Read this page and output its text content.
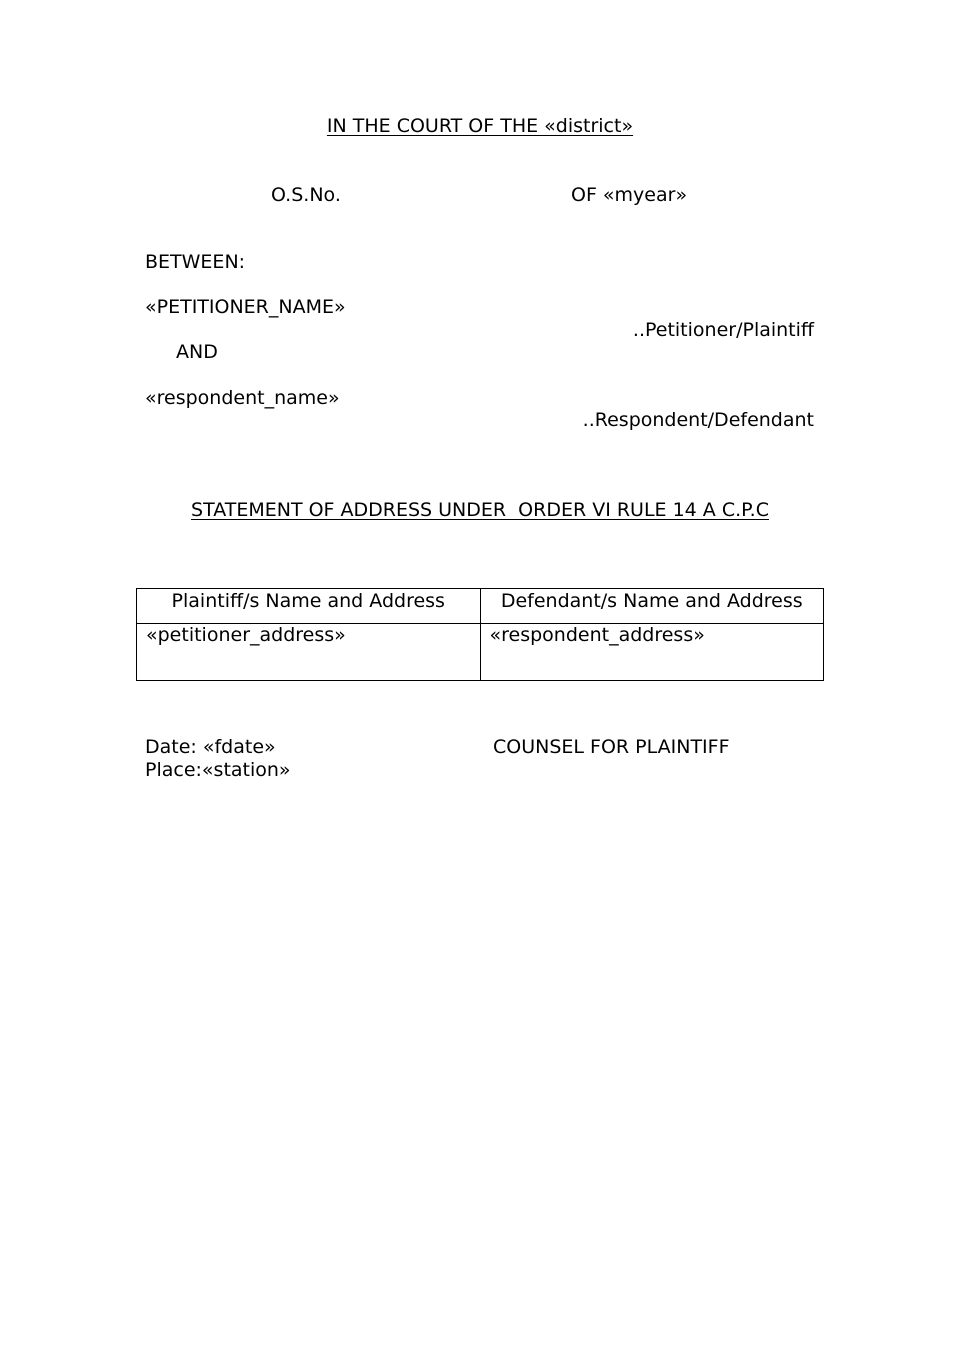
IN THE COURT OF THE «district»
O.S.No.	OF «myear»
BETWEEN:
«PETITIONER_NAME»
..Petitioner/Plaintiff
AND
«respondent_name»
..Respondent/Defendant
STATEMENT OF ADDRESS UNDER  ORDER VI RULE 14 A C.P.C
Plaintiff/s Name and Address	Defendant/s Name and Address
«petitioner_address»	«respondent_address»
Date: «fdate»
Place:«station»
COUNSEL FOR PLAINTIFF
